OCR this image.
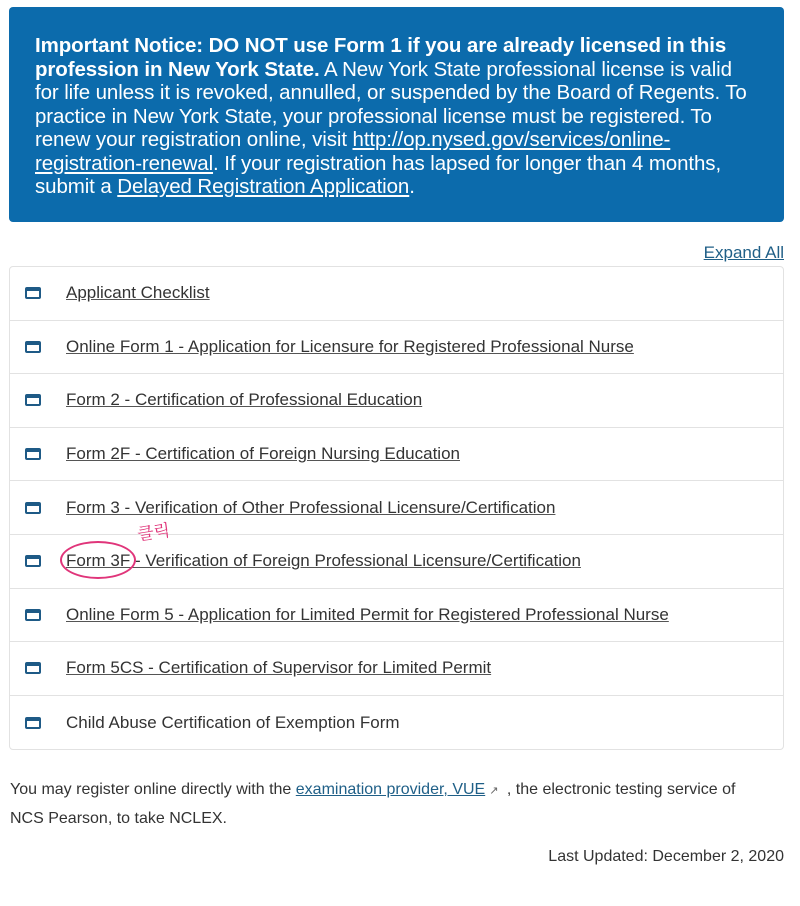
Important Notice: DO NOT use Form 1 if you are already licensed in this profession in New York State. A New York State professional license is valid for life unless it is revoked, annulled, or suspended by the Board of Regents. To practice in New York State, your professional license must be registered. To renew your registration online, visit http://op.nysed.gov/services/online-registration-renewal. If your registration has lapsed for longer than 4 months, submit a Delayed Registration Application.
Expand All
Applicant Checklist
Online Form 1 - Application for Licensure for Registered Professional Nurse
Form 2 - Certification of Professional Education
Form 2F - Certification of Foreign Nursing Education
Form 3 - Verification of Other Professional Licensure/Certification
Form 3F - Verification of Foreign Professional Licensure/Certification
Online Form 5 - Application for Limited Permit for Registered Professional Nurse
Form 5CS - Certification of Supervisor for Limited Permit
Child Abuse Certification of Exemption Form
클릭
You may register online directly with the examination provider, VUE ↗ , the electronic testing service of NCS Pearson, to take NCLEX.
Last Updated: December 2, 2020
